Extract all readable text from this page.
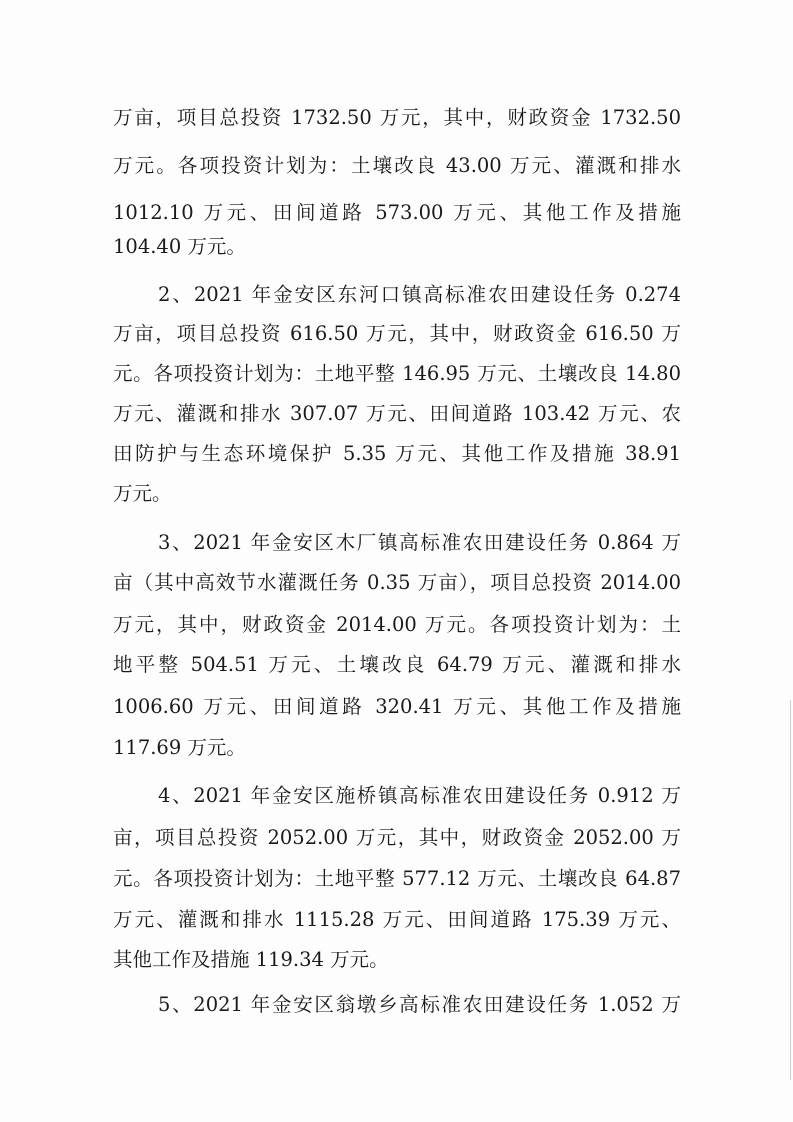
万亩，项目总投资 1732.50 万元，其中，财政资金 1732.50
万元。各项投资计划为：土壤改良 43.00 万元、灌溉和排水
1012.10 万元、田间道路 573.00 万元、其他工作及措施
104.40 万元。
2、2021 年金安区东河口镇高标准农田建设任务 0.274
万亩，项目总投资 616.50 万元，其中，财政资金 616.50 万
元。各项投资计划为：土地平整 146.95 万元、土壤改良 14.80
万元、灌溉和排水 307.07 万元、田间道路 103.42 万元、农
田防护与生态环境保护 5.35 万元、其他工作及措施 38.91
万元。
3、2021 年金安区木厂镇高标准农田建设任务 0.864 万
亩（其中高效节水灌溉任务 0.35 万亩），项目总投资 2014.00
万元，其中，财政资金 2014.00 万元。各项投资计划为：土
地平整 504.51 万元、土壤改良 64.79 万元、灌溉和排水
1006.60 万元、田间道路 320.41 万元、其他工作及措施
117.69 万元。
4、2021 年金安区施桥镇高标准农田建设任务 0.912 万
亩，项目总投资 2052.00 万元，其中，财政资金 2052.00 万
元。各项投资计划为：土地平整 577.12 万元、土壤改良 64.87
万元、灌溉和排水 1115.28 万元、田间道路 175.39 万元、
其他工作及措施 119.34 万元。
5、2021 年金安区翁墩乡高标准农田建设任务 1.052 万
